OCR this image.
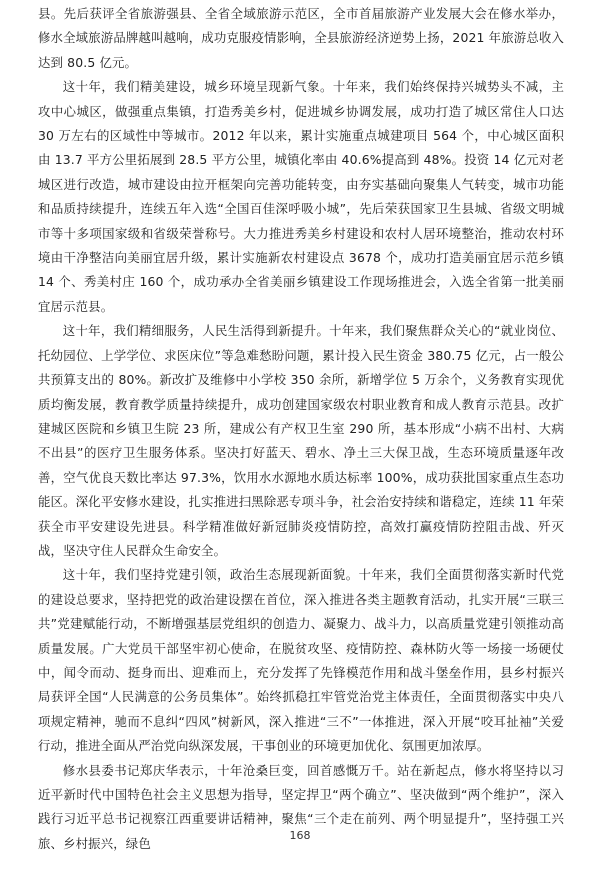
县。先后获评全省旅游强县、全省全域旅游示范区，全市首届旅游产业发展大会在修水举办，修水全域旅游品牌越叫越响，成功克服疫情影响，全县旅游经济逆势上扬，2021 年旅游总收入达到 80.5 亿元。

这十年，我们精美建设，城乡环境呈现新气象。十年来，我们始终保持兴城势头不减，主攻中心城区，做强重点集镇，打造秀美乡村，促进城乡协调发展，成功打造了城区常住人口达 30 万左右的区域性中等城市。2012 年以来，累计实施重点城建项目 564 个，中心城区面积由 13.7 平方公里拓展到 28.5 平方公里，城镇化率由 40.6%提高到 48%。投资 14 亿元对老城区进行改造，城市建设由拉开框架向完善功能转变，由夯实基础向聚集人气转变，城市功能和品质持续提升，连续五年入选“全国百佳深呼吸小城”，先后荣获国家卫生县城、省级文明城市等十多项国家级和省级荣誉称号。大力推进秀美乡村建设和农村人居环境整治，推动农村环境由干净整洁向美丽宜居升级，累计实施新农村建设点 3678 个，成功打造美丽宜居示范乡镇 14 个、秀美村庄 160 个，成功承办全省美丽乡镇建设工作现场推进会，入选全省第一批美丽宜居示范县。

这十年，我们精细服务，人民生活得到新提升。十年来，我们聚焦群众关心的“就业岗位、托幼园位、上学学位、求医床位”等急难愁盼问题，累计投入民生资金 380.75 亿元，占一般公共预算支出的 80%。新改扩及维修中小学校 350 余所，新增学位 5 万余个，义务教育实现优质均衡发展，教育教学质量持续提升，成功创建国家级农村职业教育和成人教育示范县。改扩建城区医院和乡镇卫生院 23 所，建成公有产权卫生室 290 所，基本形成“小病不出村、大病不出县”的医疗卫生服务体系。坚决打好蓝天、碧水、净土三大保卫战，生态环境质量逐年改善，空气优良天数比率达 97.3%，饮用水水源地水质达标率 100%，成功获批国家重点生态功能区。深化平安修水建设，扎实推进扫黑除恶专项斗争，社会治安持续和谐稳定，连续 11 年荣获全市平安建设先进县。科学精准做好新冠肺炎疫情防控，高效打赢疫情防控阻击战、歼灭战，坚决守住人民群众生命安全。

这十年，我们坚持党建引领，政治生态展现新面貌。十年来，我们全面贯彻落实新时代党的建设总要求，坚持把党的政治建设摆在首位，深入推进各类主题教育活动，扎实开展“三联三共”党建赋能行动，不断增强基层党组织的创造力、凝聚力、战斗力，以高质量党建引领推动高质量发展。广大党员干部坚牢初心使命，在脱贫攻坚、疫情防控、森林防火等一场接一场硬仗中，闻令而动、挺身而出、迎难而上，充分发挥了先锋模范作用和战斗堡垒作用，县乡村振兴局获评全国“人民满意的公务员集体”。始终抓稳扛牢管党治党主体责任，全面贯彻落实中央八项规定精神，驰而不息纠“四风”树新风，深入推进“三不”一体推进，深入开展“咬耳扯袖”关爱行动，推进全面从严治党向纵深发展，干事创业的环境更加优化、氛围更加浓厚。

修水县委书记郑庆华表示，十年沧桑巨变，回首感慨万千。站在新起点，修水将坚持以习近平新时代中国特色社会主义思想为指导，坚定捍卫“两个确立”、坚决做到“两个维护”，深入践行习近平总书记视察江西重要讲话精神，聚焦“三个走在前列、两个明显提升”，坚持强工兴旅、乡村振兴，绿色

168
